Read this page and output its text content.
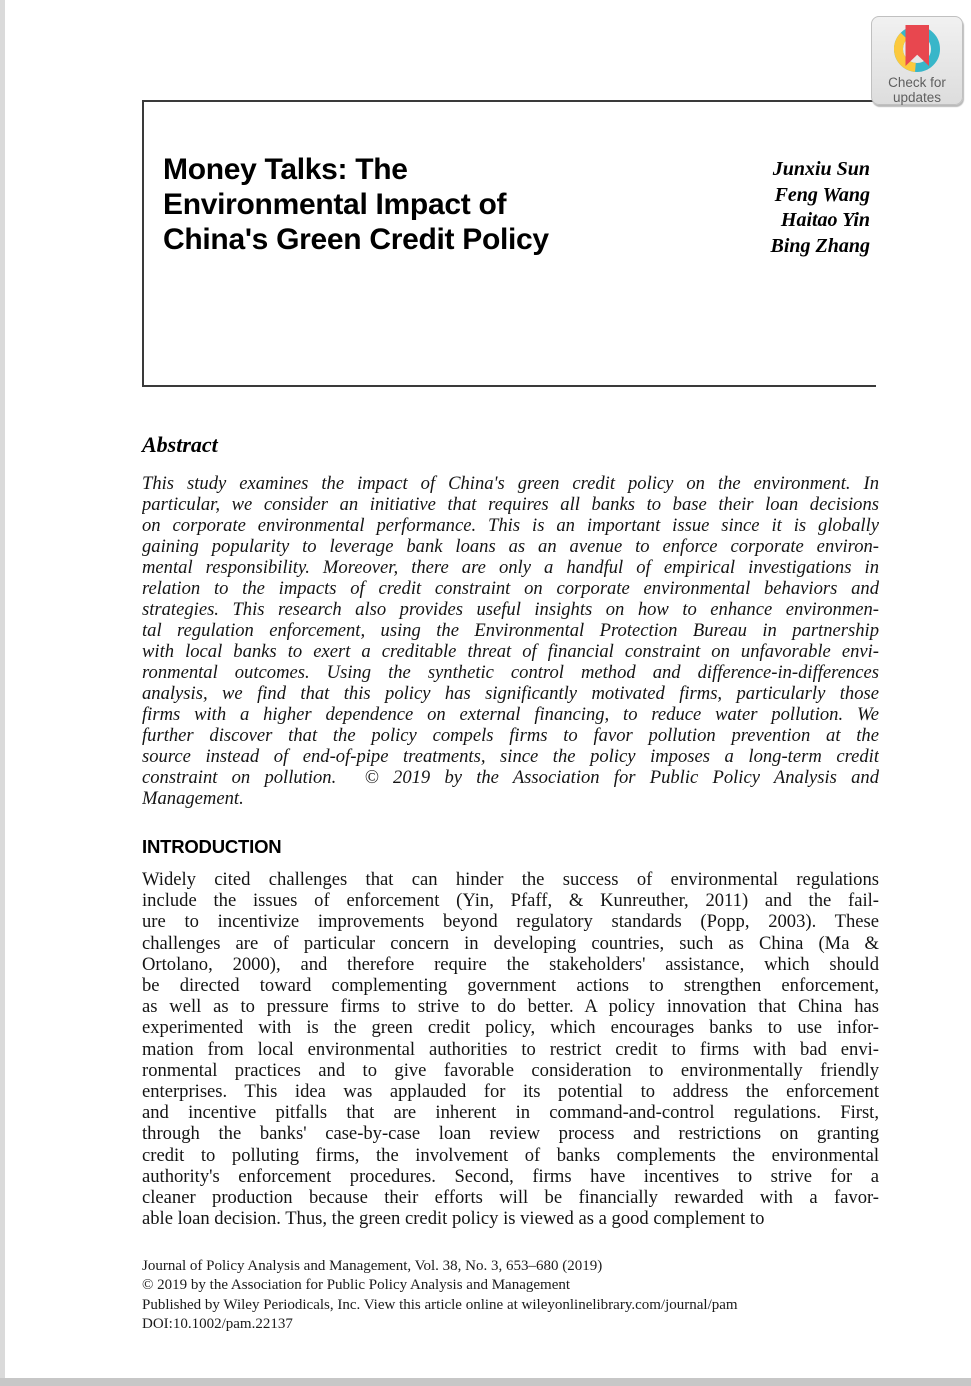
Money Talks: The
Environmental Impact of
China's Green Credit Policy
Junxiu Sun
Feng Wang
Haitao Yin
Bing Zhang
Check for
updates
Abstract
This study examines the impact of China's green credit policy on the environment. In
particular, we consider an initiative that requires all banks to base their loan decisions
on corporate environmental performance. This is an important issue since it is globally
gaining popularity to leverage bank loans as an avenue to enforce corporate environ-
mental responsibility. Moreover, there are only a handful of empirical investigations in
relation to the impacts of credit constraint on corporate environmental behaviors and
strategies. This research also provides useful insights on how to enhance environmen-
tal regulation enforcement, using the Environmental Protection Bureau in partnership
with local banks to exert a creditable threat of financial constraint on unfavorable envi-
ronmental outcomes. Using the synthetic control method and difference-in-differences
analysis, we find that this policy has significantly motivated firms, particularly those
firms with a higher dependence on external financing, to reduce water pollution. We
further discover that the policy compels firms to favor pollution prevention at the
source instead of end-of-pipe treatments, since the policy imposes a long-term credit
constraint on pollution.  © 2019 by the Association for Public Policy Analysis and
Management.
INTRODUCTION
Widely cited challenges that can hinder the success of environmental regulations
include the issues of enforcement (Yin, Pfaff, & Kunreuther, 2011) and the fail-
ure to incentivize improvements beyond regulatory standards (Popp, 2003). These
challenges are of particular concern in developing countries, such as China (Ma &
Ortolano, 2000), and therefore require the stakeholders' assistance, which should
be directed toward complementing government actions to strengthen enforcement,
as well as to pressure firms to strive to do better. A policy innovation that China has
experimented with is the green credit policy, which encourages banks to use infor-
mation from local environmental authorities to restrict credit to firms with bad envi-
ronmental practices and to give favorable consideration to environmentally friendly
enterprises. This idea was applauded for its potential to address the enforcement
and incentive pitfalls that are inherent in command-and-control regulations. First,
through the banks' case-by-case loan review process and restrictions on granting
credit to polluting firms, the involvement of banks complements the environmental
authority's enforcement procedures. Second, firms have incentives to strive for a
cleaner production because their efforts will be financially rewarded with a favor-
able loan decision. Thus, the green credit policy is viewed as a good complement to
Journal of Policy Analysis and Management, Vol. 38, No. 3, 653–680 (2019)
© 2019 by the Association for Public Policy Analysis and Management
Published by Wiley Periodicals, Inc. View this article online at wileyonlinelibrary.com/journal/pam
DOI:10.1002/pam.22137
